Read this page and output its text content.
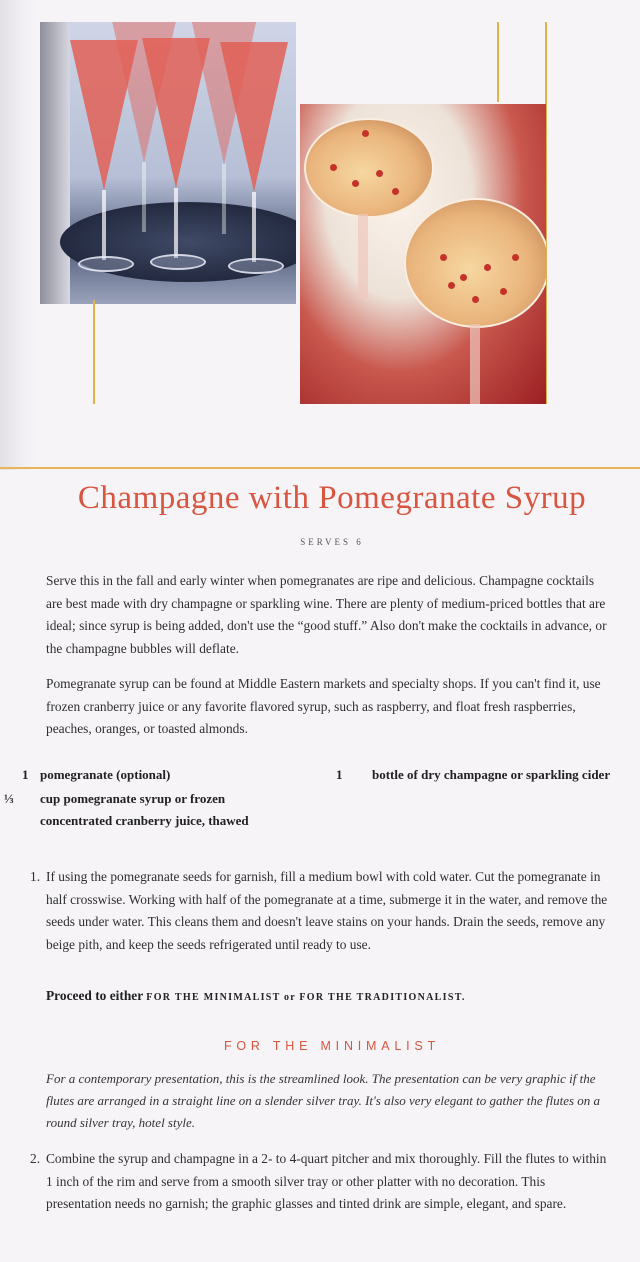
Champagne with Pomegranate Syrup
SERVES 6

Serve this in the fall and early winter when pomegranates are ripe and delicious. Champagne cocktails are best made with dry champagne or sparkling wine. There are plenty of medium-priced bottles that are ideal; since syrup is being added, don't use the “good stuff.” Also don't make the cocktails in advance, or the champagne bubbles will deflate.

Pomegranate syrup can be found at Middle Eastern markets and specialty shops. If you can't find it, use frozen cranberry juice or any favorite flavored syrup, such as raspberry, and float fresh raspberries, peaches, oranges, or toasted almonds.

1 pomegranate (optional)
⅓ cup pomegranate syrup or frozen concentrated cranberry juice, thawed
1 bottle of dry champagne or sparkling cider
1. If using the pomegranate seeds for garnish, fill a medium bowl with cold water. Cut the pomegranate in half crosswise. Working with half of the pomegranate at a time, submerge it in the water, and remove the seeds under water. This cleans them and doesn't leave stains on your hands. Drain the seeds, remove any beige pith, and keep the seeds refrigerated until ready to use.

Proceed to either FOR THE MINIMALIST or FOR THE TRADITIONALIST.

FOR THE MINIMALIST

For a contemporary presentation, this is the streamlined look. The presentation can be very graphic if the flutes are arranged in a straight line on a slender silver tray. It's also very elegant to gather the flutes on a round silver tray, hotel style.

2. Combine the syrup and champagne in a 2- to 4-quart pitcher and mix thoroughly. Fill the flutes to within 1 inch of the rim and serve from a smooth silver tray or other platter with no decoration. This presentation needs no garnish; the graphic glasses and tinted drink are simple, elegant, and spare.
